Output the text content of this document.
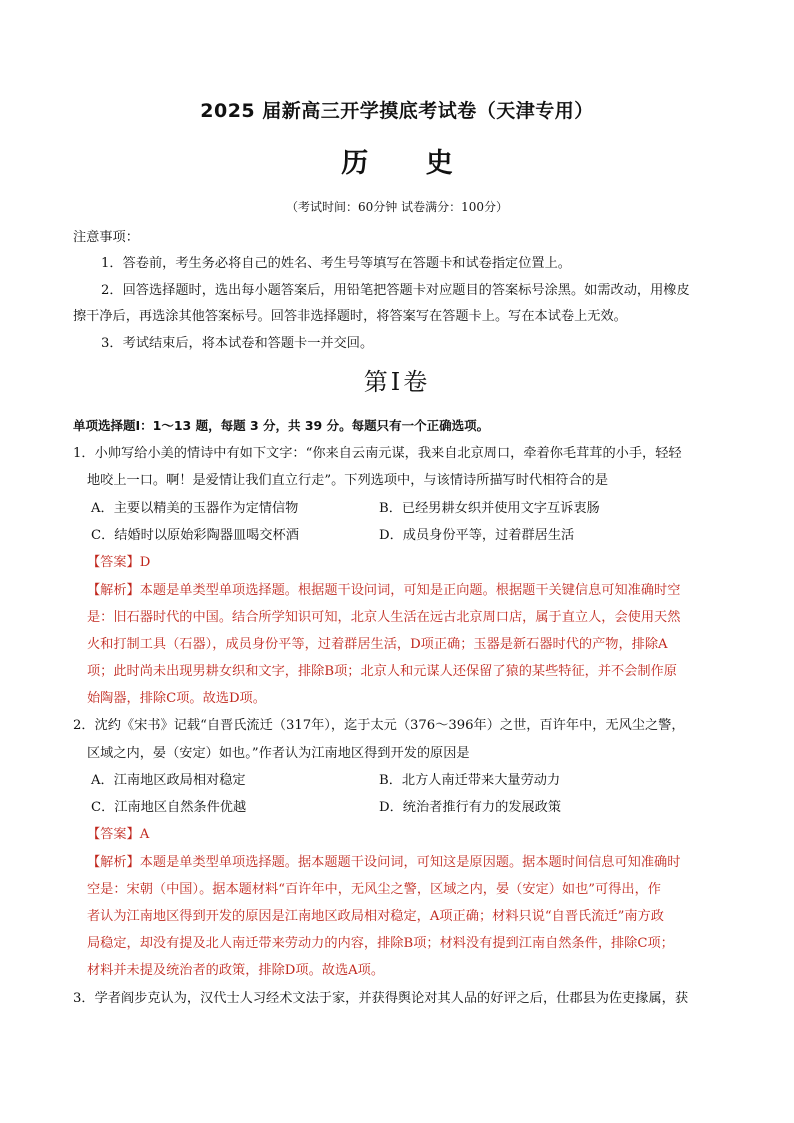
2025 届新高三开学摸底考试卷（天津专用）
历 史
（考试时间：60分钟 试卷满分：100分）
注意事项：
1．答卷前，考生务必将自己的姓名、考生号等填写在答题卡和试卷指定位置上。
2．回答选择题时，选出每小题答案后，用铅笔把答题卡对应题目的答案标号涂黑。如需改动，用橡皮
擦干净后，再选涂其他答案标号。回答非选择题时，将答案写在答题卡上。写在本试卷上无效。
3．考试结束后，将本试卷和答题卡一并交回。
第Ⅰ卷
单项选择题Ⅰ：1～13 题，每题 3 分，共 39 分。每题只有一个正确选项。
1．小帅写给小美的情诗中有如下文字：“你来自云南元谋，我来自北京周口，牵着你毛茸茸的小手，轻轻
地咬上一口。啊！是爱情让我们直立行走”。下列选项中，与该情诗所描写时代相符合的是
A．主要以精美的玉器作为定情信物	B．已经男耕女织并使用文字互诉衷肠
C．结婚时以原始彩陶器皿喝交杯酒	D．成员身份平等，过着群居生活
【答案】D
【解析】本题是单类型单项选择题。根据题干设问词，可知是正向题。根据题干关键信息可知准确时空
是：旧石器时代的中国。结合所学知识可知，北京人生活在远古北京周口店，属于直立人，会使用天然
火和打制工具（石器），成员身份平等，过着群居生活，D项正确；玉器是新石器时代的产物，排除A
项；此时尚未出现男耕女织和文字，排除B项；北京人和元谋人还保留了猿的某些特征，并不会制作原
始陶器，排除C项。故选D项。
2．沈约《宋书》记载“自晋氏流迁（317年），迄于太元（376～396年）之世，百许年中，无风尘之警，
区域之内，晏（安定）如也。”作者认为江南地区得到开发的原因是
A．江南地区政局相对稳定	B．北方人南迁带来大量劳动力
C．江南地区自然条件优越	D．统治者推行有力的发展政策
【答案】A
【解析】本题是单类型单项选择题。据本题题干设问词，可知这是原因题。据本题时间信息可知准确时
空是：宋朝（中国）。据本题材料“百许年中，无风尘之警，区域之内，晏（安定）如也”可得出，作
者认为江南地区得到开发的原因是江南地区政局相对稳定，A项正确；材料只说“自晋氏流迁”南方政
局稳定，却没有提及北人南迁带来劳动力的内容，排除B项；材料没有提到江南自然条件，排除C项；
材料并未提及统治者的政策，排除D项。故选A项。
3．学者阎步克认为，汉代士人习经术文法于家，并获得舆论对其人品的好评之后，仕郡县为佐吏掾属，获
